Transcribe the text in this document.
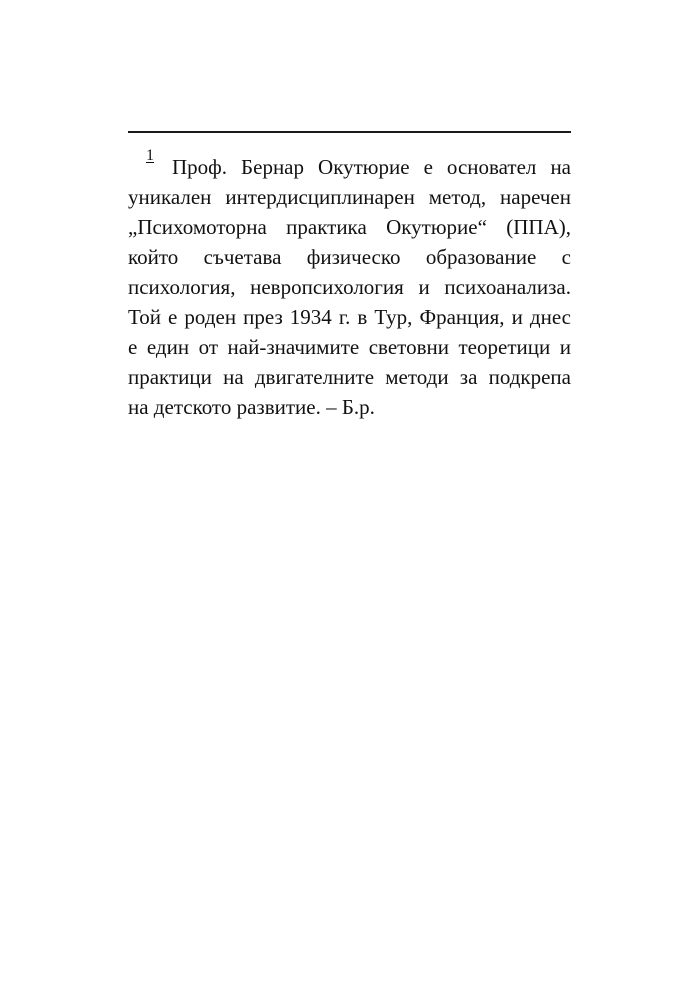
1 Проф. Бернар Окутюрие е основател на
уникален интердисциплинарен метод, наречен
„Психомоторна практика Окутюрие“ (ППА),
който съчетава физическо образование с
психология, невропсихология и психоанализа.
Той е роден през 1934 г. в Тур, Франция, и днес
е един от най-значимите световни теоретици и
практици на двигателните методи за подкрепа
на детското развитие. – Б.р.
